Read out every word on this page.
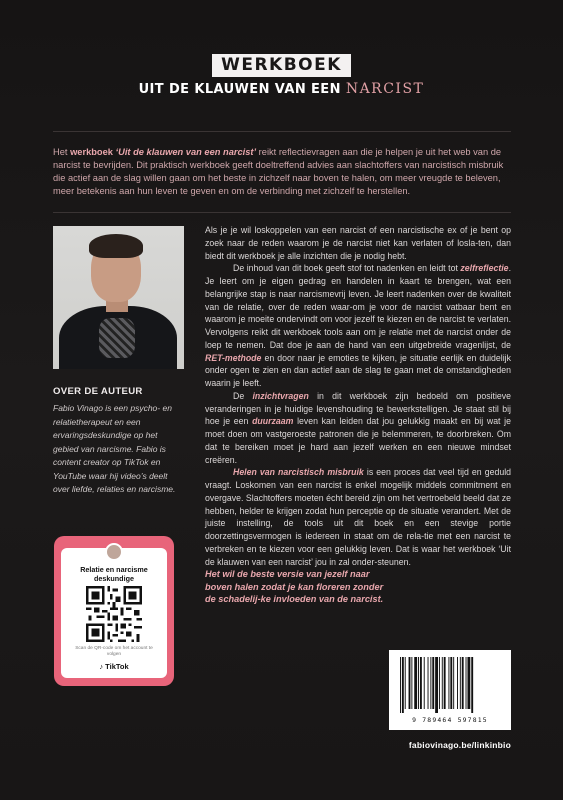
WERKBOEK
UIT DE KLAUWEN VAN EEN NARCIST
Het werkboek ‘Uit de klauwen van een narcist’ reikt reflectievragen aan die je helpen je uit het web van de narcist te bevrijden. Dit praktisch werkboek geeft doeltreffend advies aan slachtoffers van narcistisch misbruik die actief aan de slag willen gaan om het beste in zichzelf naar boven te halen, om meer vreugde te beleven, meer betekenis aan hun leven te geven en om de verbinding met zichzelf te herstellen.
OVER DE AUTEUR
Fabio Vinago is een psycho- en relatietherapeut en een ervaringsdeskundige op het gebied van narcisme. Fabio is content creator op TikTok en YouTube waar hij video’s deelt over liefde, relaties en narcisme.
Relatie en narcisme deskundige
Scan de QR-code om het account te volgen
♪ TikTok

Als je je wil loskoppelen van een narcist of een narcistische ex of je bent op zoek naar de reden waarom je de narcist niet kan verlaten of losla-ten, dan biedt dit werkboek je alle inzichten die je nodig hebt.

De inhoud van dit boek geeft stof tot nadenken en leidt tot zelfreflectie. Je leert om je eigen gedrag en handelen in kaart te brengen, wat een belangrijke stap is naar narcismevrij leven. Je leert nadenken over de kwaliteit van de relatie, over de reden waar-om je voor de narcist vatbaar bent en waarom je moeite ondervindt om voor jezelf te kiezen en de narcist te verlaten. Vervolgens reikt dit werkboek tools aan om je relatie met de narcist onder de loep te nemen. Dat doe je aan de hand van een uitgebreide vragenlijst, de RET-methode en door naar je emoties te kijken, je situatie eerlijk en duidelijk onder ogen te zien en dan actief aan de slag te gaan met de omstandigheden waarin je leeft.

De inzichtvragen in dit werkboek zijn bedoeld om positieve veranderingen in je huidige levenshouding te bewerkstelligen. Je staat stil bij hoe je een duurzaam leven kan leiden dat jou gelukkig maakt en bij wat je moet doen om vastgeroeste patronen die je belemmeren, te doorbreken. Om dat te bereiken moet je hard aan jezelf werken en een nieuwe mindset creëren.

Helen van narcistisch misbruik is een proces dat veel tijd en geduld vraagt. Loskomen van een narcist is enkel mogelijk middels commitment en overgave. Slachtoffers moeten écht bereid zijn om het vertroebeld beeld dat ze hebben, helder te krijgen zodat hun perceptie op de situatie verandert. Met de juiste instelling, de tools uit dit boek en een stevige portie doorzettingsvermogen is iedereen in staat om de rela-tie met een narcist te verbreken en te kiezen voor een gelukkig leven. Dat is waar het werkboek ‘Uit de klauwen van een narcist’ jou in zal onder-steunen.

Het wil de beste versie van jezelf naar boven halen zodat je kan floreren zonder de schadelij-ke invloeden van de narcist.

9 789464 597815
fabiovinago.be/linkinbio
